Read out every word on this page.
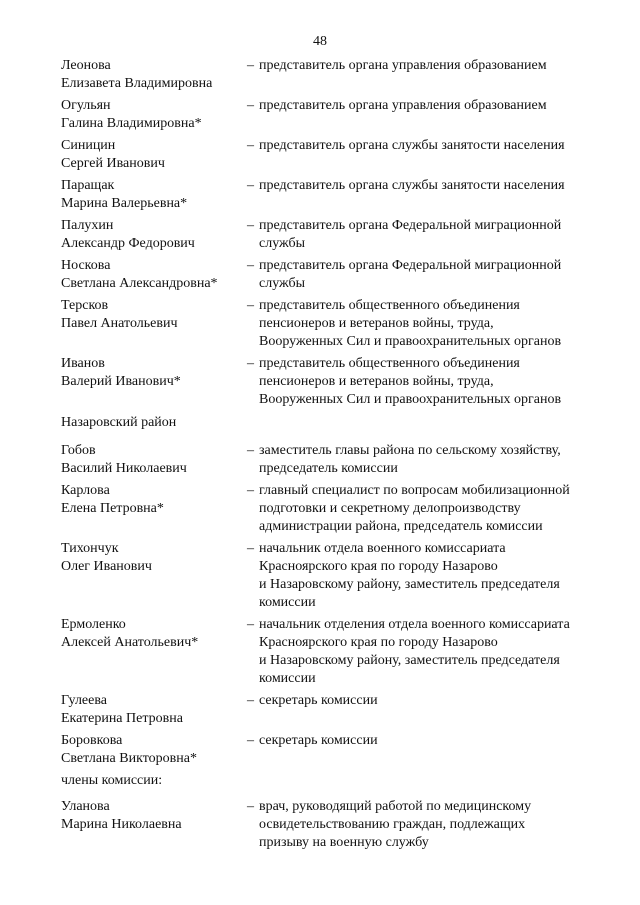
48
Леонова
Елизавета Владимировна
– представитель органа управления образованием
Огульян
Галина Владимировна*
– представитель органа управления образованием
Синицин
Сергей Иванович
– представитель органа службы занятости населения
Паращак
Марина Валерьевна*
– представитель органа службы занятости населения
Палухин
Александр Федорович
– представитель органа Федеральной миграционной
службы
Носкова
Светлана Александровна*
– представитель органа Федеральной миграционной
службы
Терсков
Павел Анатольевич
– представитель общественного объединения
пенсионеров и ветеранов войны, труда,
Вооруженных Сил и правоохранительных органов
Иванов
Валерий Иванович*
– представитель общественного объединения
пенсионеров и ветеранов войны, труда,
Вооруженных Сил и правоохранительных органов
Назаровский район
Гобов
Василий Николаевич
– заместитель главы района по сельскому хозяйству,
председатель комиссии
Карлова
Елена Петровна*
– главный специалист по вопросам мобилизационной
подготовки и секретному делопроизводству
администрации района, председатель комиссии
Тихончук
Олег Иванович
– начальник отдела военного комиссариата
Красноярского края по городу Назарово
и Назаровскому району, заместитель председателя
комиссии
Ермоленко
Алексей Анатольевич*
– начальник отделения отдела военного комиссариата
Красноярского края по городу Назарово
и Назаровскому району, заместитель председателя
комиссии
Гулеева
Екатерина Петровна
– секретарь комиссии
Боровкова
Светлана Викторовна*
– секретарь комиссии
члены комиссии:
Уланова
Марина Николаевна
– врач, руководящий работой по медицинскому
освидетельствованию граждан, подлежащих
призыву на военную службу
